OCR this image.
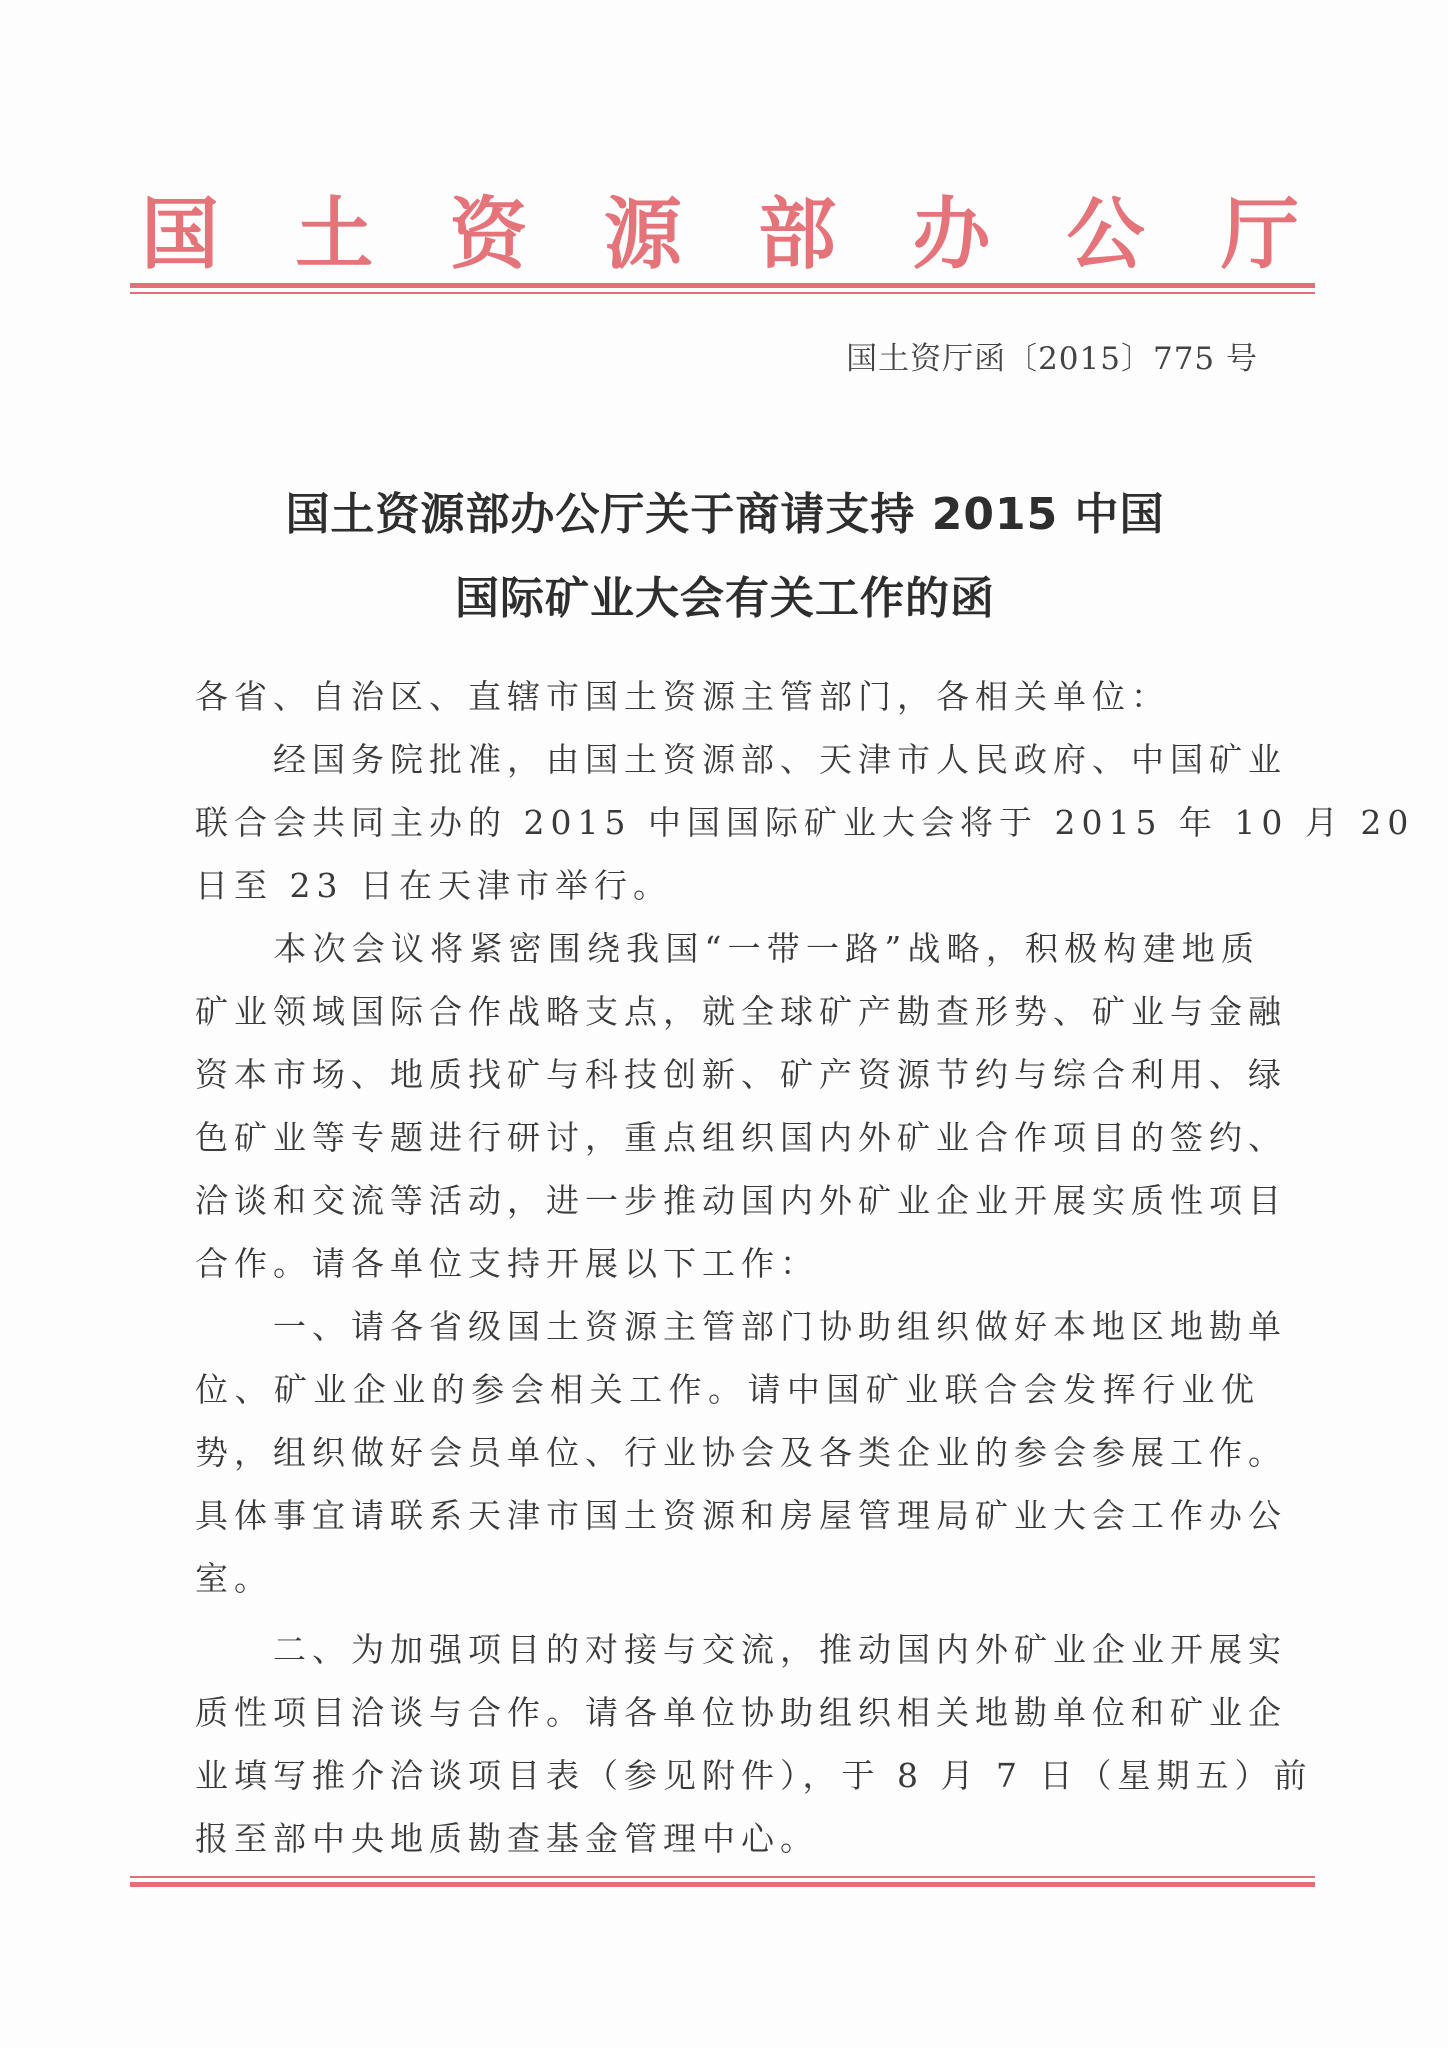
国 土 资 源 部 办 公 厅
国土资厅函〔2015〕775 号
国土资源部办公厅关于商请支持 2015 中国
国际矿业大会有关工作的函
各省、自治区、直辖市国土资源主管部门，各相关单位：
　　经国务院批准，由国土资源部、天津市人民政府、中国矿业
联合会共同主办的 2015 中国国际矿业大会将于 2015 年 10 月 20
日至 23 日在天津市举行。
　　本次会议将紧密围绕我国“一带一路”战略，积极构建地质
矿业领域国际合作战略支点，就全球矿产勘查形势、矿业与金融
资本市场、地质找矿与科技创新、矿产资源节约与综合利用、绿
色矿业等专题进行研讨，重点组织国内外矿业合作项目的签约、
洽谈和交流等活动，进一步推动国内外矿业企业开展实质性项目
合作。请各单位支持开展以下工作：
　　一、请各省级国土资源主管部门协助组织做好本地区地勘单
位、矿业企业的参会相关工作。请中国矿业联合会发挥行业优
势，组织做好会员单位、行业协会及各类企业的参会参展工作。
具体事宜请联系天津市国土资源和房屋管理局矿业大会工作办公
室。
　　二、为加强项目的对接与交流，推动国内外矿业企业开展实
质性项目洽谈与合作。请各单位协助组织相关地勘单位和矿业企
业填写推介洽谈项目表（参见附件），于 8 月 7 日（星期五）前
报至部中央地质勘查基金管理中心。
